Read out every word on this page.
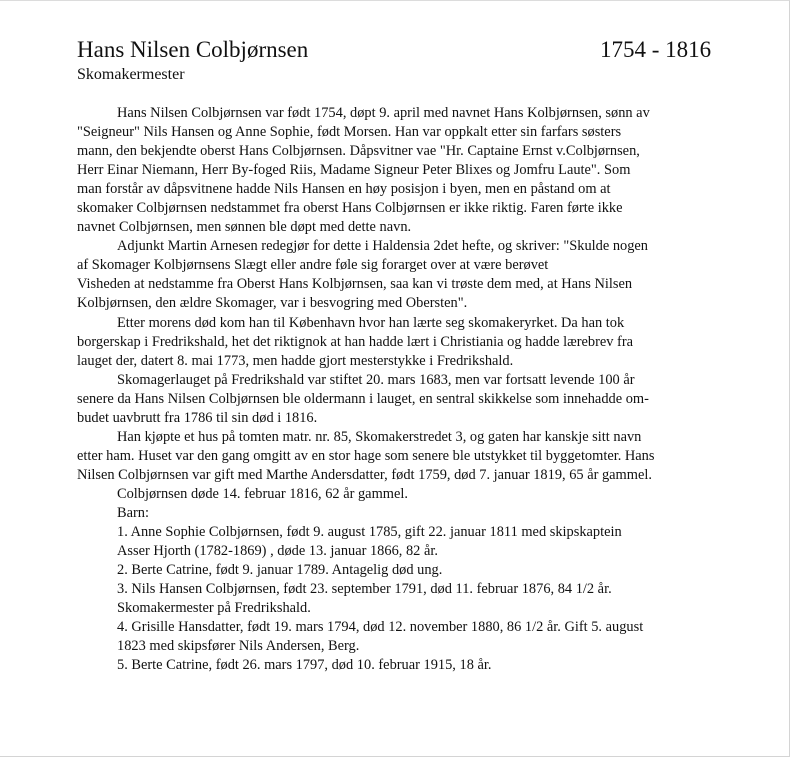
Hans Nilsen Colbjørnsen	1754 - 1816
Skomakermester
Hans Nilsen Colbjørnsen var født 1754, døpt 9. april med navnet Hans Kolbjørnsen, sønn av
"Seigneur" Nils Hansen og Anne Sophie, født Morsen. Han var oppkalt etter sin farfars søsters
mann, den bekjendte oberst Hans Colbjørnsen. Dåpsvitner vae "Hr. Captaine Ernst v.Colbjørnsen,
Herr Einar Niemann, Herr By-foged Riis, Madame Signeur Peter Blixes og Jomfru Laute". Som
man forstår av dåpsvitnene hadde Nils Hansen en høy posisjon i byen, men en påstand om at
skomaker Colbjørnsen nedstammet fra oberst Hans Colbjørnsen er ikke riktig. Faren førte ikke
navnet Colbjørnsen, men sønnen ble døpt med dette navn.
Adjunkt Martin Arnesen redegjør for dette i Haldensia 2det hefte, og skriver: "Skulde nogen
af Skomager Kolbjørnsens Slægt eller andre føle sig forarget over at være berøvet
Visheden at nedstamme fra Oberst Hans Kolbjørnsen, saa kan vi trøste dem med, at Hans Nilsen
Kolbjørnsen, den ældre Skomager, var i besvogring med Obersten".
Etter morens død kom han til København hvor han lærte seg skomakeryrket. Da han tok
borgerskap i Fredrikshald, het det riktignok at han hadde lært i Christiania og hadde lærebrev fra
lauget der, datert 8. mai 1773, men hadde gjort mesterstykke i Fredrikshald.
Skomagerlauget på Fredrikshald var stiftet 20. mars 1683, men var fortsatt levende 100 år
senere da Hans Nilsen Colbjørnsen ble oldermann i lauget, en sentral skikkelse som innehadde om-
budet uavbrutt fra 1786 til sin død i 1816.
Han kjøpte et hus på tomten matr. nr. 85, Skomakerstredet 3, og gaten har kanskje sitt navn
etter ham. Huset var den gang omgitt av en stor hage som senere ble utstykket til byggetomter. Hans
Nilsen Colbjørnsen var gift med Marthe Andersdatter, født 1759, død 7. januar 1819, 65 år gammel.
Colbjørnsen døde 14. februar 1816, 62 år gammel.
Barn:
1. Anne Sophie Colbjørnsen, født 9. august 1785, gift 22. januar 1811 med skipskaptein
Asser Hjorth (1782-1869) , døde 13. januar 1866, 82 år.
2. Berte Catrine, født 9. januar 1789. Antagelig død ung.
3. Nils Hansen Colbjørnsen, født 23. september 1791, død 11. februar 1876, 84 1/2 år.
Skomakermester på Fredrikshald.
4. Grisille Hansdatter, født 19. mars 1794, død 12. november 1880, 86 1/2 år. Gift 5. august
1823 med skipsfører Nils Andersen, Berg.
5. Berte Catrine, født 26. mars 1797, død 10. februar 1915, 18 år.
